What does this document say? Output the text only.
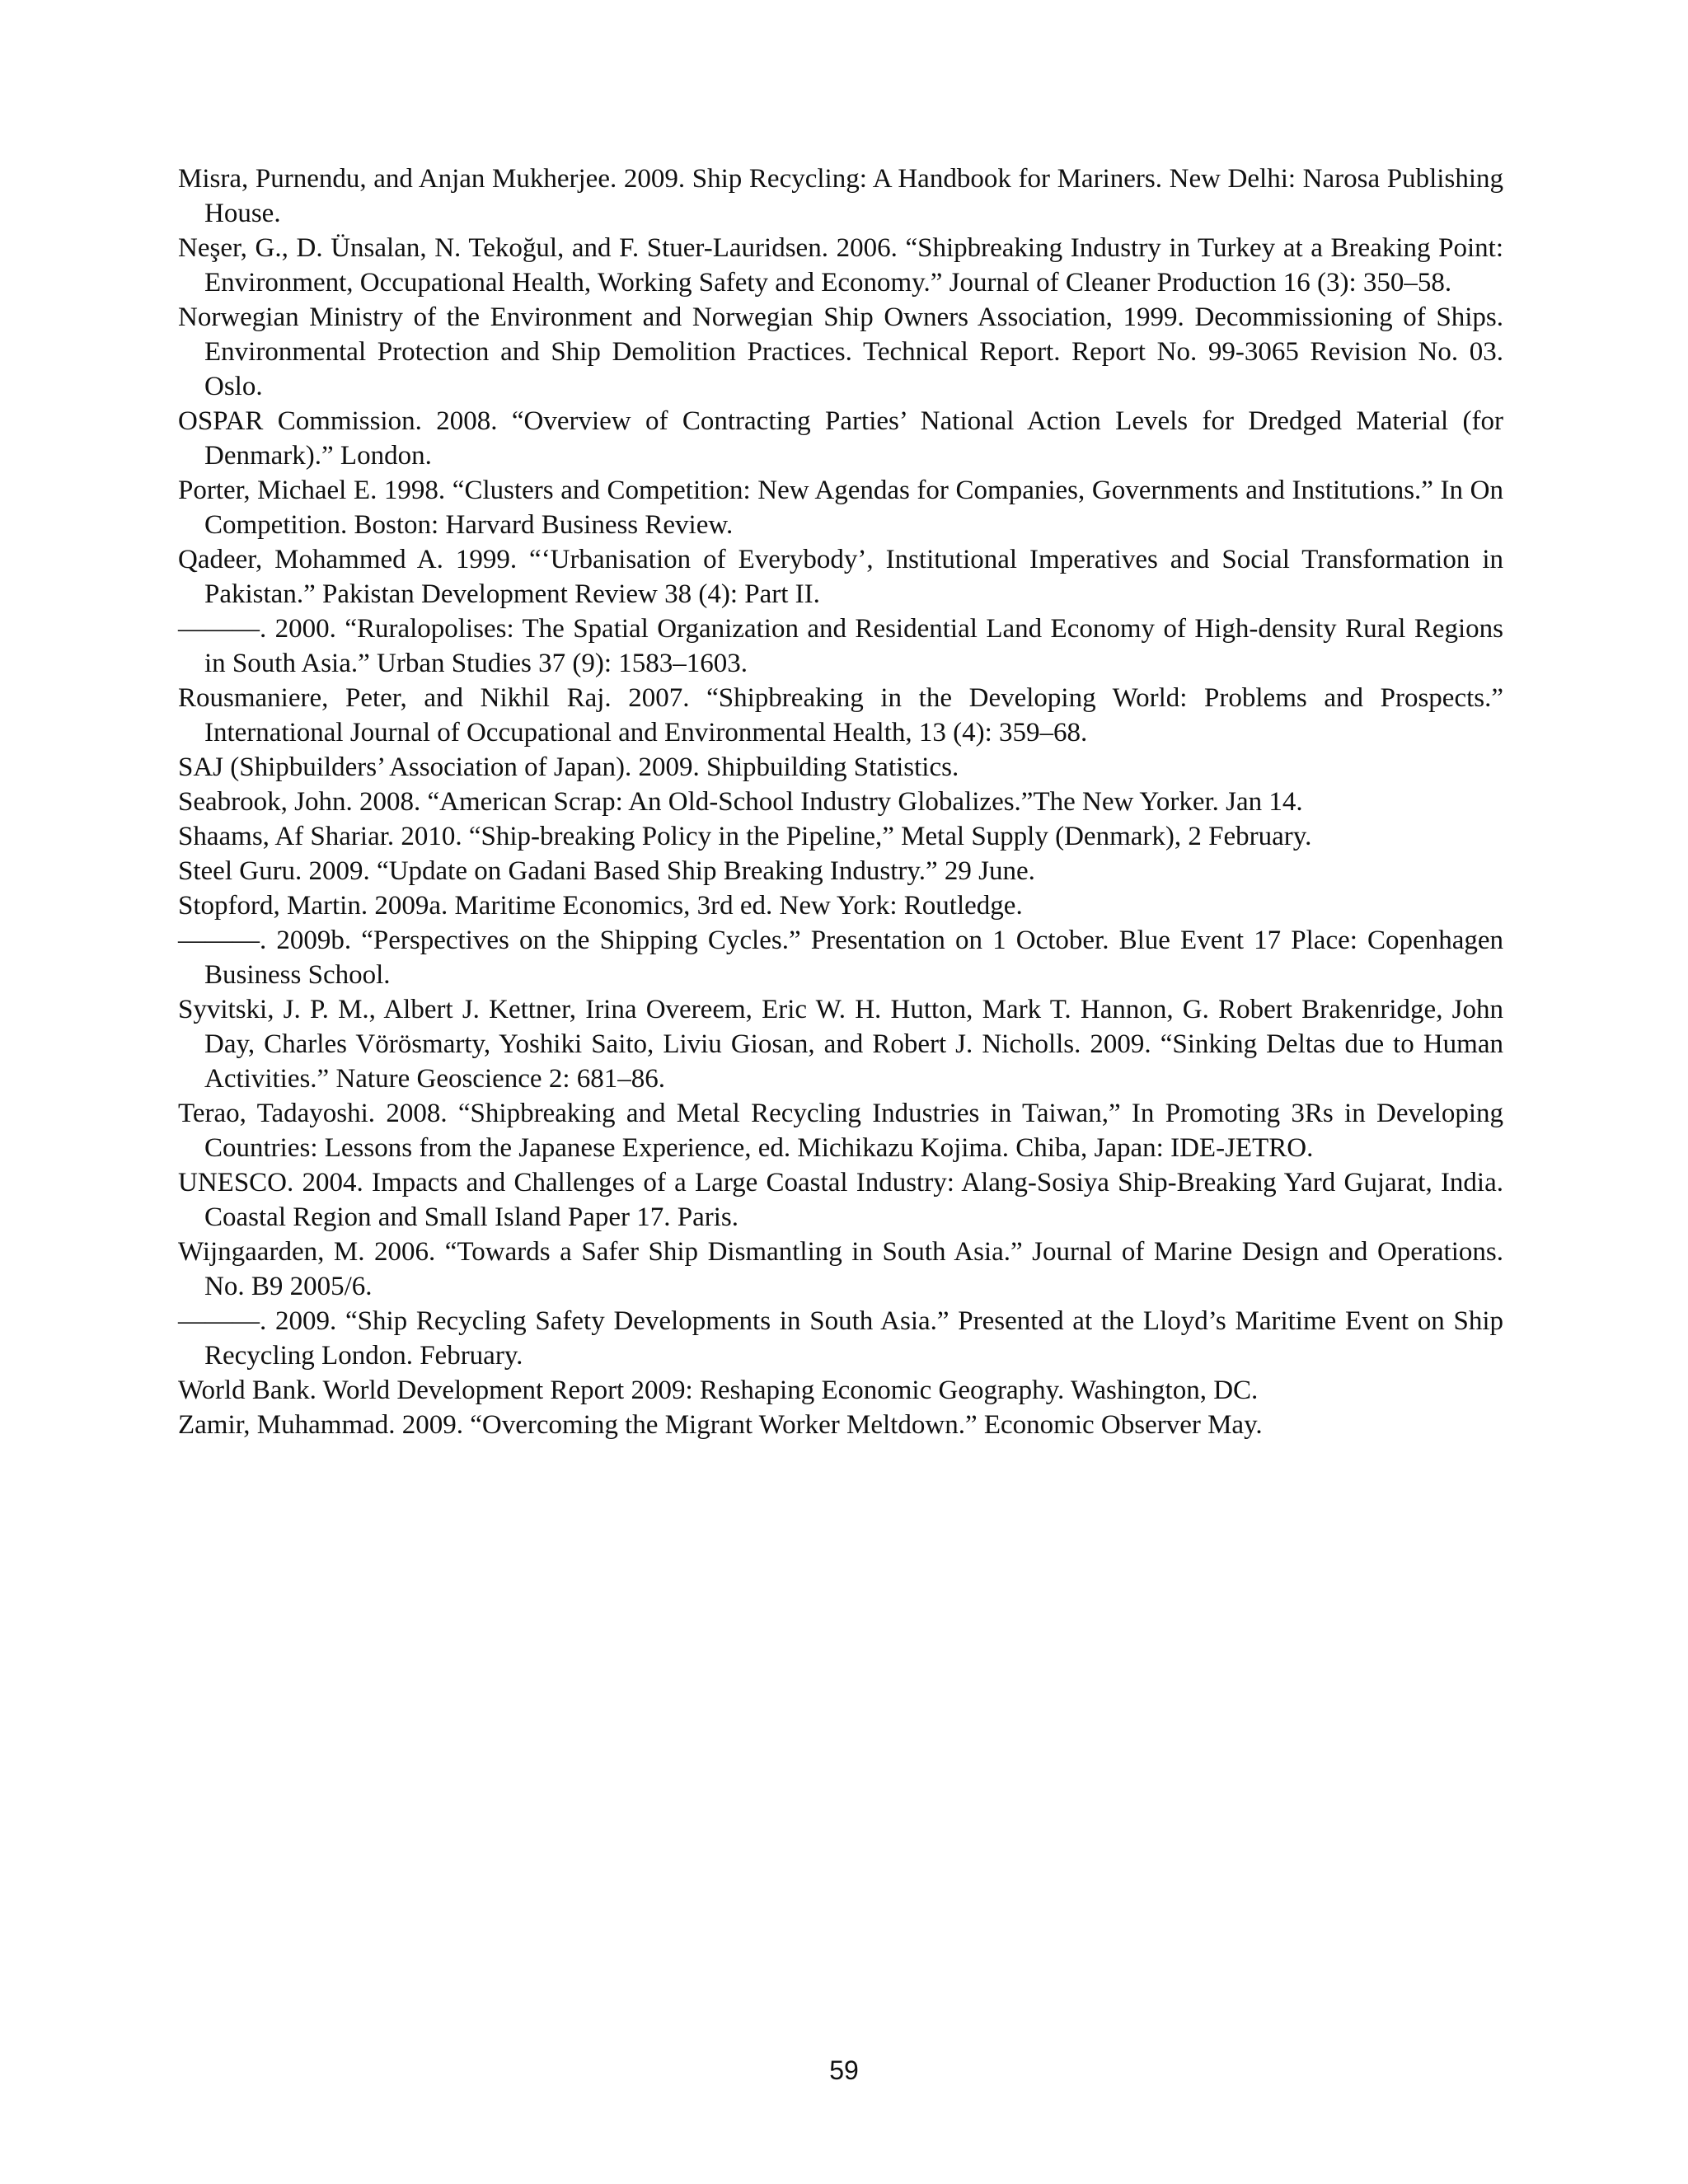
Misra, Purnendu, and Anjan Mukherjee. 2009. Ship Recycling: A Handbook for Mariners. New Delhi: Narosa Publishing House.
Neşer, G., D. Ünsalan, N. Tekoğul, and F. Stuer-Lauridsen. 2006. “Shipbreaking Industry in Turkey at a Breaking Point: Environment, Occupational Health, Working Safety and Economy.” Journal of Cleaner Production 16 (3): 350–58.
Norwegian Ministry of the Environment and Norwegian Ship Owners Association, 1999. Decommissioning of Ships. Environmental Protection and Ship Demolition Practices. Technical Report. Report No. 99-3065 Revision No. 03. Oslo.
OSPAR Commission. 2008. “Overview of Contracting Parties’ National Action Levels for Dredged Material (for Denmark).” London.
Porter, Michael E. 1998. “Clusters and Competition: New Agendas for Companies, Governments and Institutions.” In On Competition. Boston: Harvard Business Review.
Qadeer, Mohammed A. 1999. “‘Urbanisation of Everybody’, Institutional Imperatives and Social Transformation in Pakistan.” Pakistan Development Review 38 (4): Part II.
———. 2000. “Ruralopolises: The Spatial Organization and Residential Land Economy of High-density Rural Regions in South Asia.” Urban Studies 37 (9): 1583–1603.
Rousmaniere, Peter, and Nikhil Raj. 2007. “Shipbreaking in the Developing World: Problems and Prospects.” International Journal of Occupational and Environmental Health, 13 (4): 359–68.
SAJ (Shipbuilders’ Association of Japan). 2009. Shipbuilding Statistics.
Seabrook, John. 2008. “American Scrap: An Old-School Industry Globalizes.”The New Yorker. Jan 14.
Shaams, Af Shariar. 2010. “Ship-breaking Policy in the Pipeline,” Metal Supply (Denmark), 2 February.
Steel Guru. 2009. “Update on Gadani Based Ship Breaking Industry.” 29 June.
Stopford, Martin. 2009a. Maritime Economics, 3rd ed. New York: Routledge.
———. 2009b. “Perspectives on the Shipping Cycles.” Presentation on 1 October. Blue Event 17 Place: Copenhagen Business School.
Syvitski, J. P. M., Albert J. Kettner, Irina Overeem, Eric W. H. Hutton, Mark T. Hannon, G. Robert Brakenridge, John Day, Charles Vörösmarty, Yoshiki Saito, Liviu Giosan, and Robert J. Nicholls. 2009. “Sinking Deltas due to Human Activities.” Nature Geoscience 2: 681–86.
Terao, Tadayoshi. 2008. “Shipbreaking and Metal Recycling Industries in Taiwan,” In Promoting 3Rs in Developing Countries: Lessons from the Japanese Experience, ed. Michikazu Kojima. Chiba, Japan: IDE-JETRO.
UNESCO. 2004. Impacts and Challenges of a Large Coastal Industry: Alang-Sosiya Ship-Breaking Yard Gujarat, India. Coastal Region and Small Island Paper 17. Paris.
Wijngaarden, M. 2006. “Towards a Safer Ship Dismantling in South Asia.” Journal of Marine Design and Operations. No. B9 2005/6.
———. 2009. “Ship Recycling Safety Developments in South Asia.” Presented at the Lloyd’s Maritime Event on Ship Recycling London. February.
World Bank. World Development Report 2009: Reshaping Economic Geography. Washington, DC.
Zamir, Muhammad. 2009. “Overcoming the Migrant Worker Meltdown.” Economic Observer May.
59
